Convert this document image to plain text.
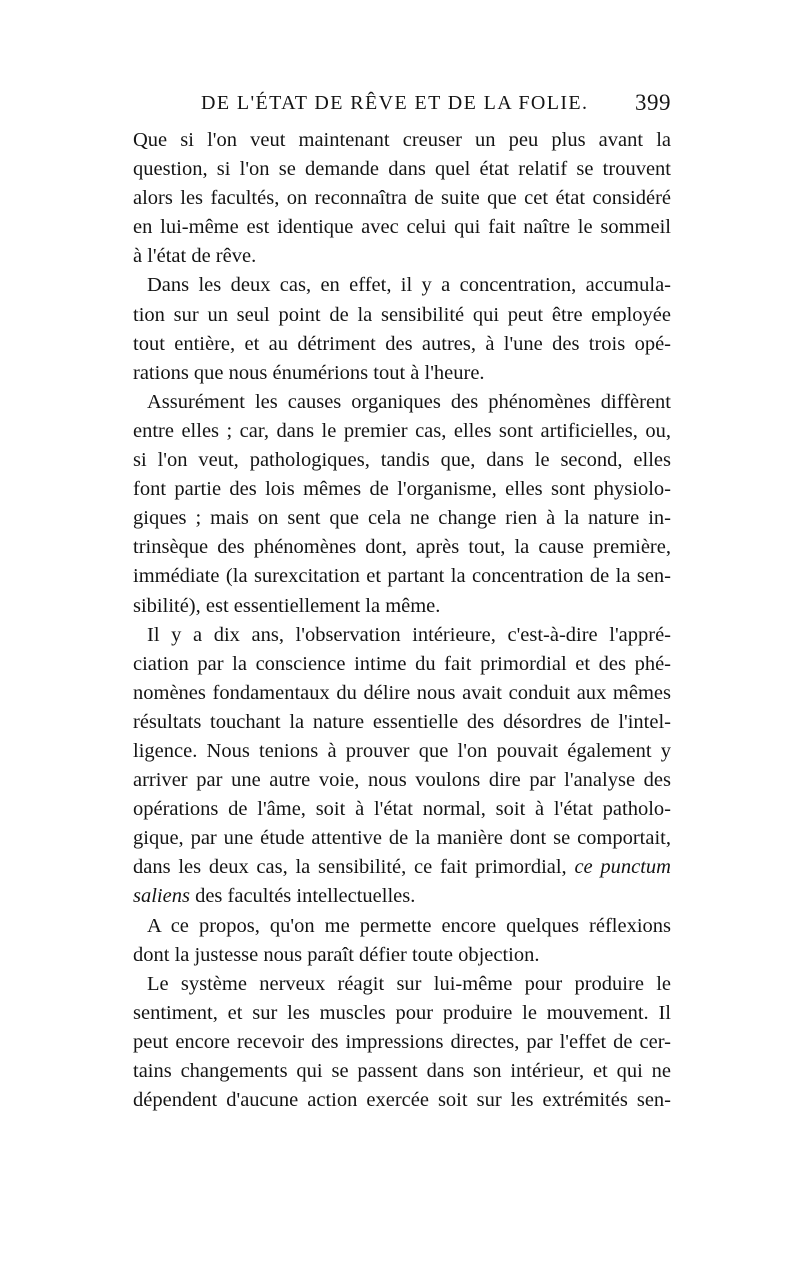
DE L'ÉTAT DE RÊVE ET DE LA FOLIE. 399
Que si l'on veut maintenant creuser un peu plus avant la
question, si l'on se demande dans quel état relatif se trouvent
alors les facultés, on reconnaîtra de suite que cet état considéré
en lui-même est identique avec celui qui fait naître le sommeil
à l'état de rêve.
Dans les deux cas, en effet, il y a concentration, accumula-
tion sur un seul point de la sensibilité qui peut être employée
tout entière, et au détriment des autres, à l'une des trois opé-
rations que nous énumérions tout à l'heure.
Assurément les causes organiques des phénomènes diffèrent
entre elles ; car, dans le premier cas, elles sont artificielles, ou,
si l'on veut, pathologiques, tandis que, dans le second, elles
font partie des lois mêmes de l'organisme, elles sont physiolo-
giques ; mais on sent que cela ne change rien à la nature in-
trinsèque des phénomènes dont, après tout, la cause première,
immédiate (la surexcitation et partant la concentration de la sen-
sibilité), est essentiellement la même.
Il y a dix ans, l'observation intérieure, c'est-à-dire l'appré-
ciation par la conscience intime du fait primordial et des phé-
nomènes fondamentaux du délire nous avait conduit aux mêmes
résultats touchant la nature essentielle des désordres de l'intel-
ligence. Nous tenions à prouver que l'on pouvait également y
arriver par une autre voie, nous voulons dire par l'analyse des
opérations de l'âme, soit à l'état normal, soit à l'état patholo-
gique, par une étude attentive de la manière dont se comportait,
dans les deux cas, la sensibilité, ce fait primordial, ce punctum
saliens des facultés intellectuelles.
A ce propos, qu'on me permette encore quelques réflexions
dont la justesse nous paraît défier toute objection.
Le système nerveux réagit sur lui-même pour produire le
sentiment, et sur les muscles pour produire le mouvement. Il
peut encore recevoir des impressions directes, par l'effet de cer-
tains changements qui se passent dans son intérieur, et qui ne
dépendent d'aucune action exercée soit sur les extrémités sen-
